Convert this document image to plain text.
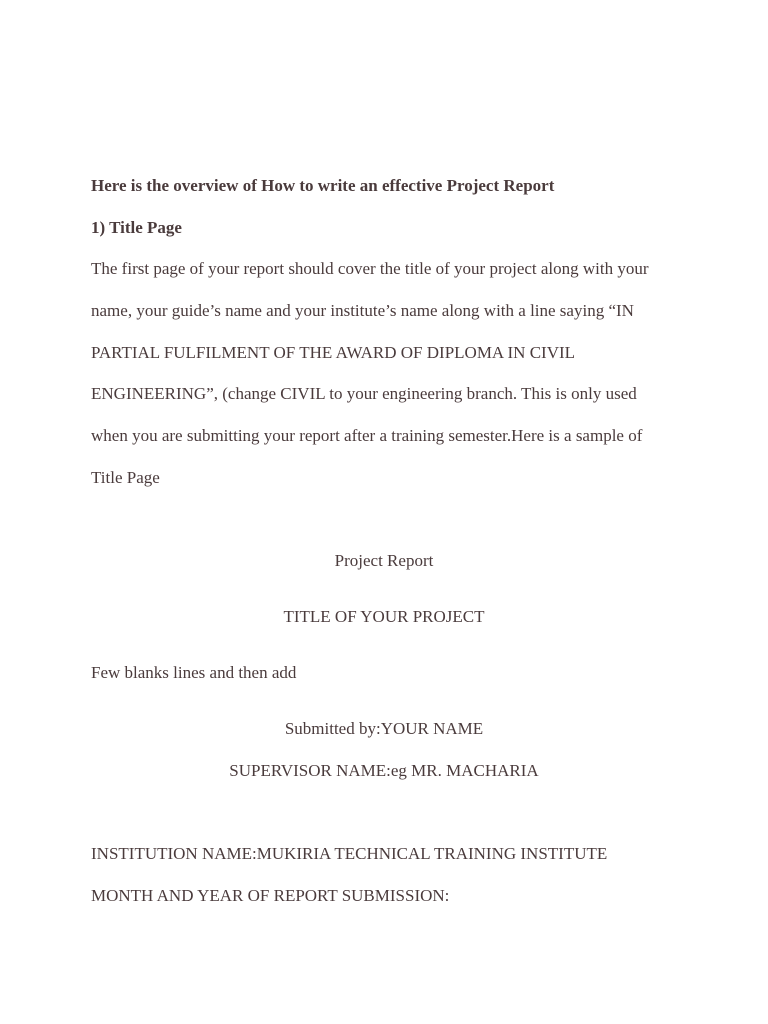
Here is the overview of How to write an effective Project Report
1) Title Page
The first page of your report should cover the title of your project along with your
name, your guide’s name and your institute’s name along with a line saying “IN
PARTIAL FULFILMENT OF THE AWARD OF DIPLOMA IN CIVIL
ENGINEERING”, (change CIVIL to your engineering branch. This is only used
when you are submitting your report after a training semester.Here is a sample of
Title Page
Project Report
TITLE OF YOUR PROJECT
Few blanks lines and then add
Submitted by:YOUR NAME
SUPERVISOR NAME:eg MR. MACHARIA
INSTITUTION NAME:MUKIRIA TECHNICAL TRAINING INSTITUTE
MONTH AND YEAR OF REPORT SUBMISSION:
